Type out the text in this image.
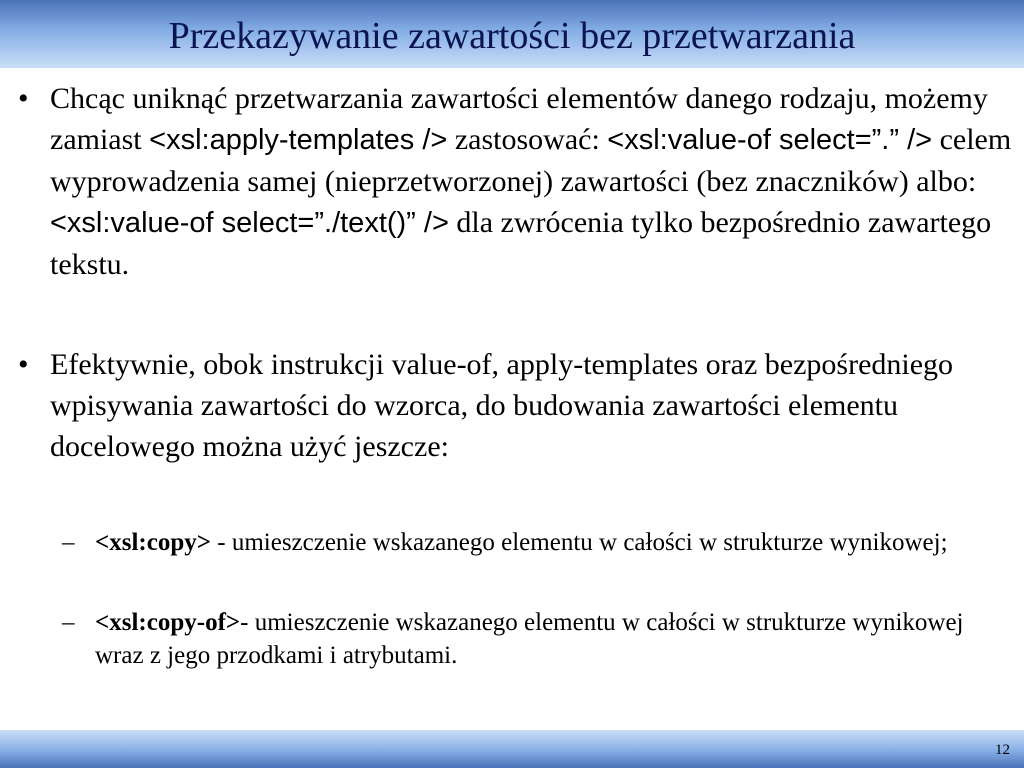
Przekazywanie zawartości bez przetwarzania
• Chcąc uniknąć przetwarzania zawartości elementów danego rodzaju, możemy zamiast <xsl:apply-templates /> zastosować: <xsl:value-of select=”.” /> celem wyprowadzenia samej (nieprzetworzonej) zawartości (bez znaczników) albo: <xsl:value-of select=”./text()” /> dla zwrócenia tylko bezpośrednio zawartego tekstu.
• Efektywnie, obok instrukcji value-of, apply-templates oraz bezpośredniego wpisywania zawartości do wzorca, do budowania zawartości elementu docelowego można użyć jeszcze:
– <xsl:copy> - umieszczenie wskazanego elementu w całości w strukturze wynikowej;
– <xsl:copy-of>- umieszczenie wskazanego elementu w całości w strukturze wynikowej wraz z jego przodkami i atrybutami.
12
